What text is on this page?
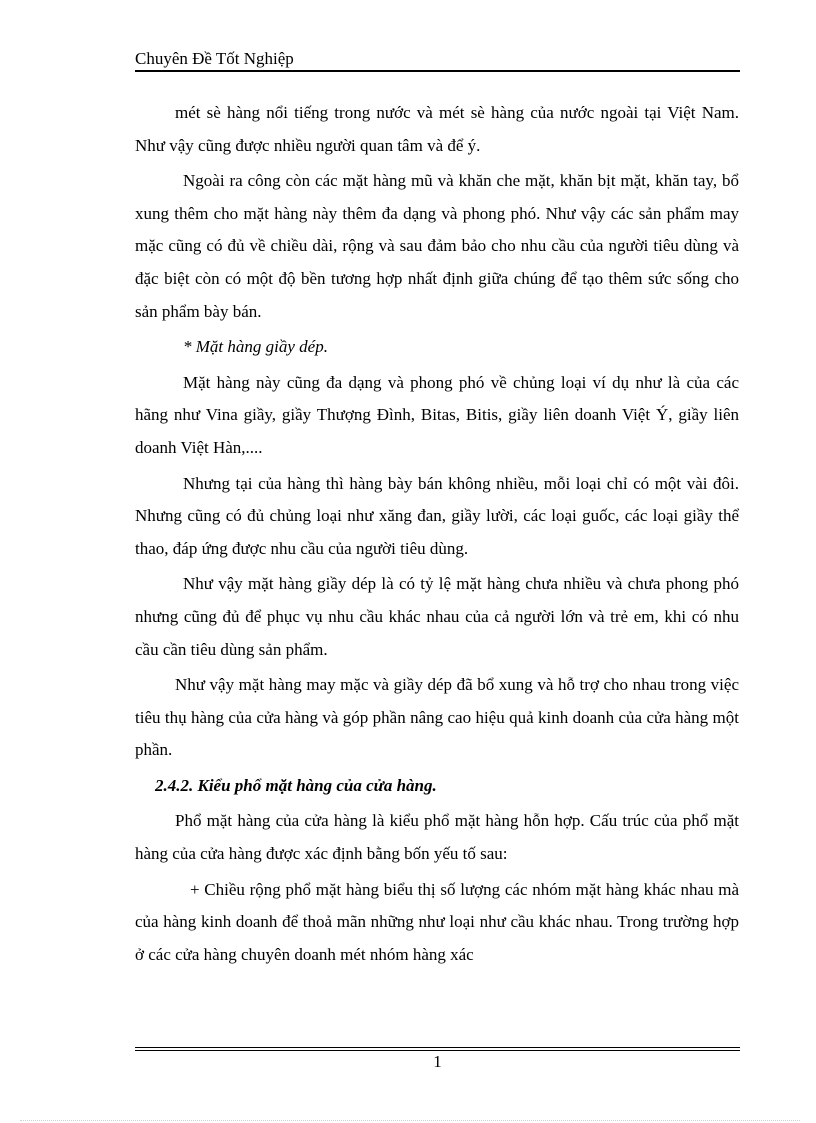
Chuyên Đề Tốt Nghiệp

mét sè hàng nổi tiếng trong nước và mét sè hàng của nước ngoài tại Việt Nam. Như vậy cũng được nhiều người quan tâm và để ý.

Ngoài ra công còn các mặt hàng mũ và khăn che mặt, khăn bịt mặt, khăn tay, bổ xung thêm cho mặt hàng này thêm đa dạng và phong phó. Như vậy các sản phẩm may mặc cũng có đủ về chiều dài, rộng và sau đảm bảo cho nhu cầu của người tiêu dùng và đặc biệt còn có một độ bền tương hợp nhất định giữa chúng để tạo thêm sức sống cho sản phẩm bày bán.

* Mặt hàng giầy dép.

Mặt hàng này cũng đa dạng và phong phó về chủng loại ví dụ như là của các hãng như Vina giầy, giầy Thượng Đình, Bitas, Bitis, giầy liên doanh Việt Ý, giầy liên doanh Việt Hàn,....

Nhưng tại của hàng thì hàng bày bán không nhiều, mỗi loại chỉ có một vài đôi. Nhưng cũng có đủ chủng loại như xăng đan, giầy lười, các loại guốc, các loại giầy thể thao, đáp ứng được nhu cầu của người tiêu dùng.

Như vậy mặt hàng giầy dép là có tỷ lệ mặt hàng chưa nhiều và chưa phong phó nhưng cũng đủ để phục vụ nhu cầu khác nhau của cả người lớn và trẻ em, khi có nhu cầu cần tiêu dùng sản phẩm.

Như vậy mặt hàng may mặc và giầy dép đã bổ xung và hỗ trợ cho nhau trong việc tiêu thụ hàng của cửa hàng và góp phần nâng cao hiệu quả kinh doanh của cửa hàng một phần.

2.4.2. Kiểu phổ mặt hàng của cửa hàng.

Phổ mặt hàng của cửa hàng là kiểu phổ mặt hàng hỗn hợp. Cấu trúc của phổ mặt hàng của cửa hàng được xác định bằng bốn yếu tố sau:

+ Chiều rộng phổ mặt hàng biểu thị số lượng các nhóm mặt hàng khác nhau mà của hàng kinh doanh để thoả mãn những như loại như cầu khác nhau. Trong trường hợp ở các cửa hàng chuyên doanh mét nhóm hàng xác

1
